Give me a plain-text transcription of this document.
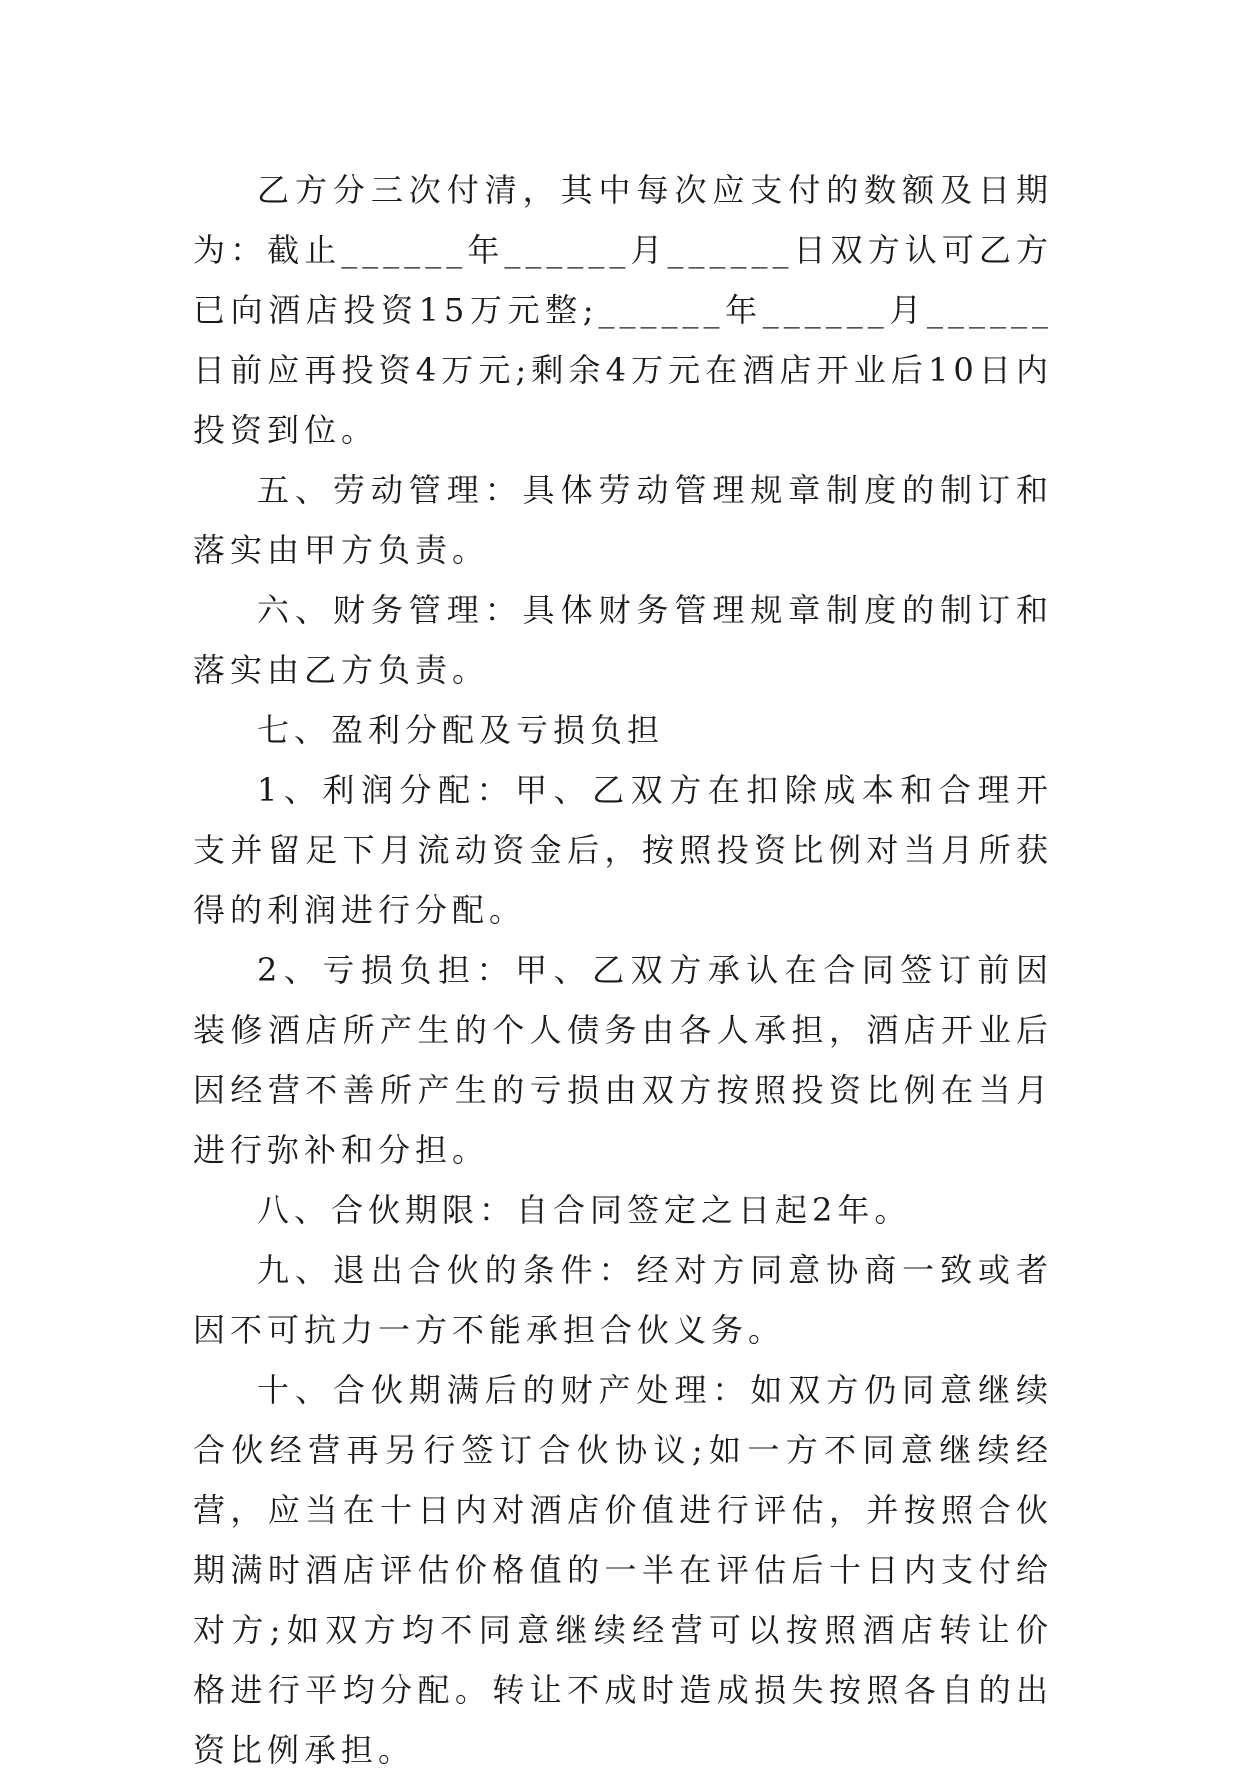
乙方分三次付清，其中每次应支付的数额及日期为：截止______年______月______日双方认可乙方已向酒店投资15万元整;______年______月______日前应再投资4万元;剩余4万元在酒店开业后10日内投资到位。

五、劳动管理：具体劳动管理规章制度的制订和落实由甲方负责。

六、财务管理：具体财务管理规章制度的制订和落实由乙方负责。

七、盈利分配及亏损负担

1、利润分配：甲、乙双方在扣除成本和合理开支并留足下月流动资金后，按照投资比例对当月所获得的利润进行分配。

2、亏损负担：甲、乙双方承认在合同签订前因装修酒店所产生的个人债务由各人承担，酒店开业后因经营不善所产生的亏损由双方按照投资比例在当月进行弥补和分担。

八、合伙期限：自合同签定之日起2年。

九、退出合伙的条件：经对方同意协商一致或者因不可抗力一方不能承担合伙义务。

十、合伙期满后的财产处理：如双方仍同意继续合伙经营再另行签订合伙协议;如一方不同意继续经营，应当在十日内对酒店价值进行评估，并按照合伙期满时酒店评估价格值的一半在评估后十日内支付给对方;如双方均不同意继续经营可以按照酒店转让价格进行平均分配。转让不成时造成损失按照各自的出资比例承担。
